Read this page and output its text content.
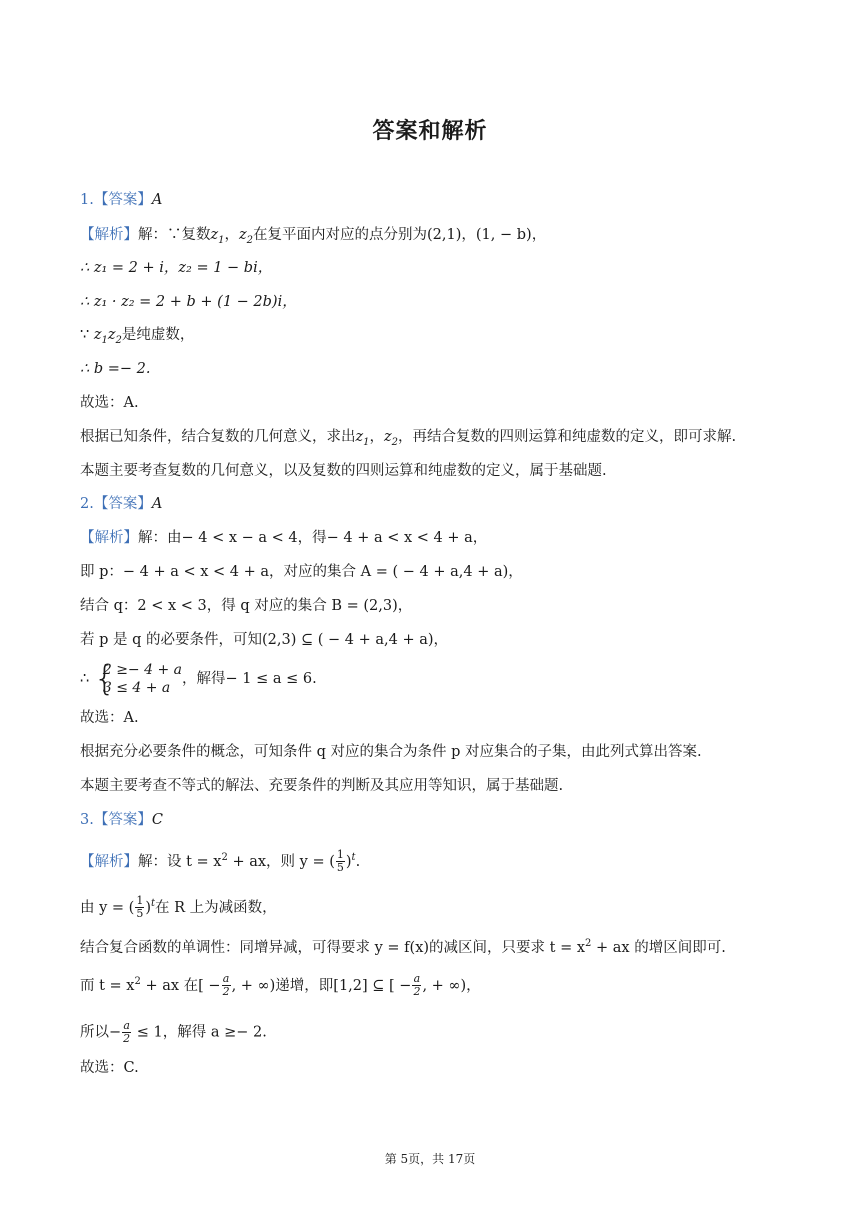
答案和解析
1.【答案】A
【解析】解：∵复数$z_1$，$z_2$在复平面内对应的点分别为(2,1)，(1, − b)，
∴ z₁ = 2 + i，z₂ = 1 − bi，
∴ z₁ · z₂ = 2 + b + (1 − 2b)i，
∵ $z_1z_2$是纯虚数，
∴ b =− 2.
故选：A.
根据已知条件，结合复数的几何意义，求出$z_1$，$z_2$，再结合复数的四则运算和纯虚数的定义，即可求解.
本题主要考查复数的几何意义，以及复数的四则运算和纯虚数的定义，属于基础题.
2.【答案】A
【解析】解：由− 4 < x − a < 4，得− 4 + a < x < 4 + a，
即 p：− 4 + a < x < 4 + a，对应的集合 A = ( − 4 + a,4 + a)，
结合 q：2 < x < 3，得 q 对应的集合 B = (2,3)，
若 p 是 q 的必要条件，可知(2,3) ⊆ ( − 4 + a,4 + a)，
∴ {
2 ≥− 4 + a
3 ≤ 4 + a
，解得− 1 ≤ a ≤ 6.
故选：A.
根据充分必要条件的概念，可知条件 q 对应的集合为条件 p 对应集合的子集，由此列式算出答案.
本题主要考查不等式的解法、充要条件的判断及其应用等知识，属于基础题.
3.【答案】C
【解析】解：设 $t = x^2$ + ax，则 y = ( $\frac{1}{5} )^t$.
由 y = ( $\frac{1}{5} )^t$在 R 上为减函数，
结合复合函数的单调性：同增异减，可得要求 y = f(x)的减区间，只要求 $t = x^2$ + ax 的增区间即可.
而 $t = x^2$ + ax 在[ − $\frac{a}{2}$ , + ∞)递增，即[1,2] ⊆ [ − $\frac{a}{2}$ , + ∞)，
所以− $\frac{a}{2} \le 1$，解得 a ≥− 2.
故选：C.
第 5页，共 17页
